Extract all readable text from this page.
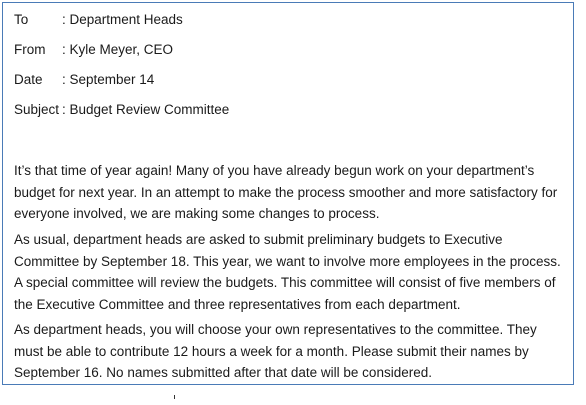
To : Department Heads
From : Kyle Meyer, CEO
Date : September 14
Subject : Budget Review Committee

It’s that time of year again! Many of you have already begun work on your department’s budget for next year. In an attempt to make the process smoother and more satisfactory for everyone involved, we are making some changes to process.

As usual, department heads are asked to submit preliminary budgets to Executive Committee by September 18. This year, we want to involve more employees in the process. A special committee will review the budgets. This committee will consist of five members of the Executive Committee and three representatives from each department.

As department heads, you will choose your own representatives to the committee. They must be able to contribute 12 hours a week for a month. Please submit their names by September 16. No names submitted after that date will be considered.
